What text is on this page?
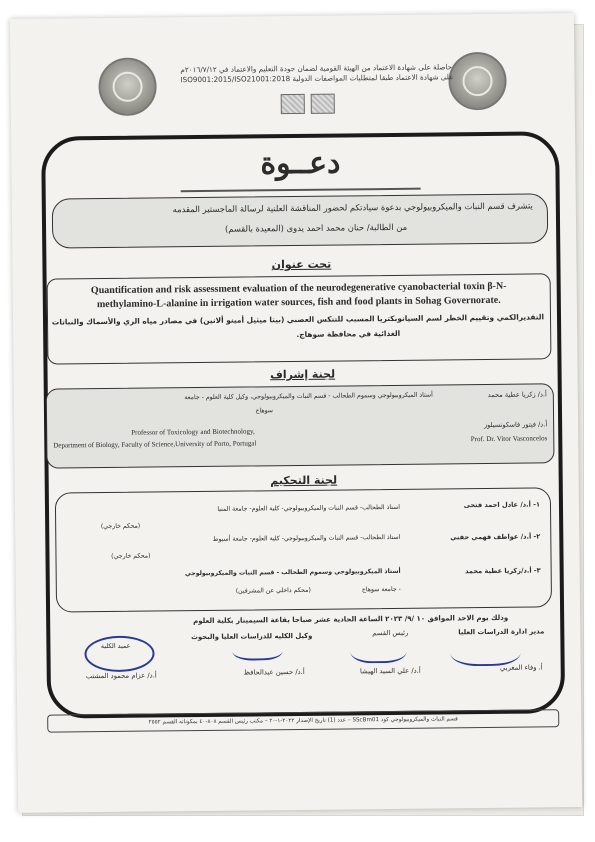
حاصلة على شهادة الاعتماد من الهيئة القومية لضمان جودة التعليم والاعتماد في ٢٠١٦/٧/١٢م
على شهادة الاعتماد طبقا لمتطلبات المواصفات الدولية ISO9001:2015/ISO21001:2018
دعــوة
يتشرف قسم النبات والميكروبيولوجي بدعوة سيادتكم لحضور المناقشة العلنية لرسالة الماجستير المقدمه
من الطالبة/ حنان محمد احمد يدوى (المعيدة بالقسم)
تحت عنوان
Quantification and risk assessment evaluation of the neurodegenerative cyanobacterial toxin β-N-
methylamino-L-alanine in irrigation water sources, fish and food plants in Sohag Governorate.
التقديرالكمي وتقييم الخطر لسم السيانوبكتريا المسبب للتنكس العصبي (بيتا ميثيل أمينو ألانين) في مصادر مياه الري والأسماك والنباتات
الغذائية في محافظة سوهاج.
لجنة إشراف
أ.د/ زكريا عطية محمد
أستاذ الميكروبيولوجي وسموم الطحالب - قسم النبات والميكروبيولوجي، وكيل كلية العلوم - جامعة
سوهاج
أ.د/ فيتور فاسكونسيلوز
Prof. Dr. Vitor Vasconcelos
Professor of Toxicology and Biotechnology,
Department of Biology, Faculty of Science,University of Porto, Portugal
لجنة التحكيم
١- أ.د/ عادل احمد فتحى
استاذ الطحالب- قسم النبات والميكروبيولوجي- كلية العلوم- جامعة المنيا
(محكم خارجي)
٢- أ.د/ عواطف فهمي حفني
استاذ الطحالب- قسم النبات والميكروبيولوجي- كلية العلوم- جامعة أسيوط
(محكم خارجي)
٣- أ.د/زكريا عطية محمد
أستاذ الميكروبيولوجي وسموم الطحالب - قسم النبات والميكروبيولوجي
- جامعة سوهاج
(محكم داخلي عن المشرفين)
وذلك يوم الاحد الموافق ١٠ /٩/ ٢٠٢٣ الساعة الحادية عشر صباحا بقاعة السيمينار بكلية العلوم
مدير ادارة الدراسات العليا
رئيس القسم
وكيل الكليه للدراسات العليا والبحوث
عميد الكلية
أ. وفاء المغربي
أ.د/ علي السيد الهيشا
أ.د/ حسين عبدالحافظ
أ.د/ عزام محمود المشتب
قسم النبات والميكروبيولوجي كود SScBm01 – عدد (1) تاريخ الإصدار ٢٠٢٢-١-٢٠ – مكتب رئيس القسم ٨٠٨-٤٠ بمكوناته القسم ٢٥٥٢
